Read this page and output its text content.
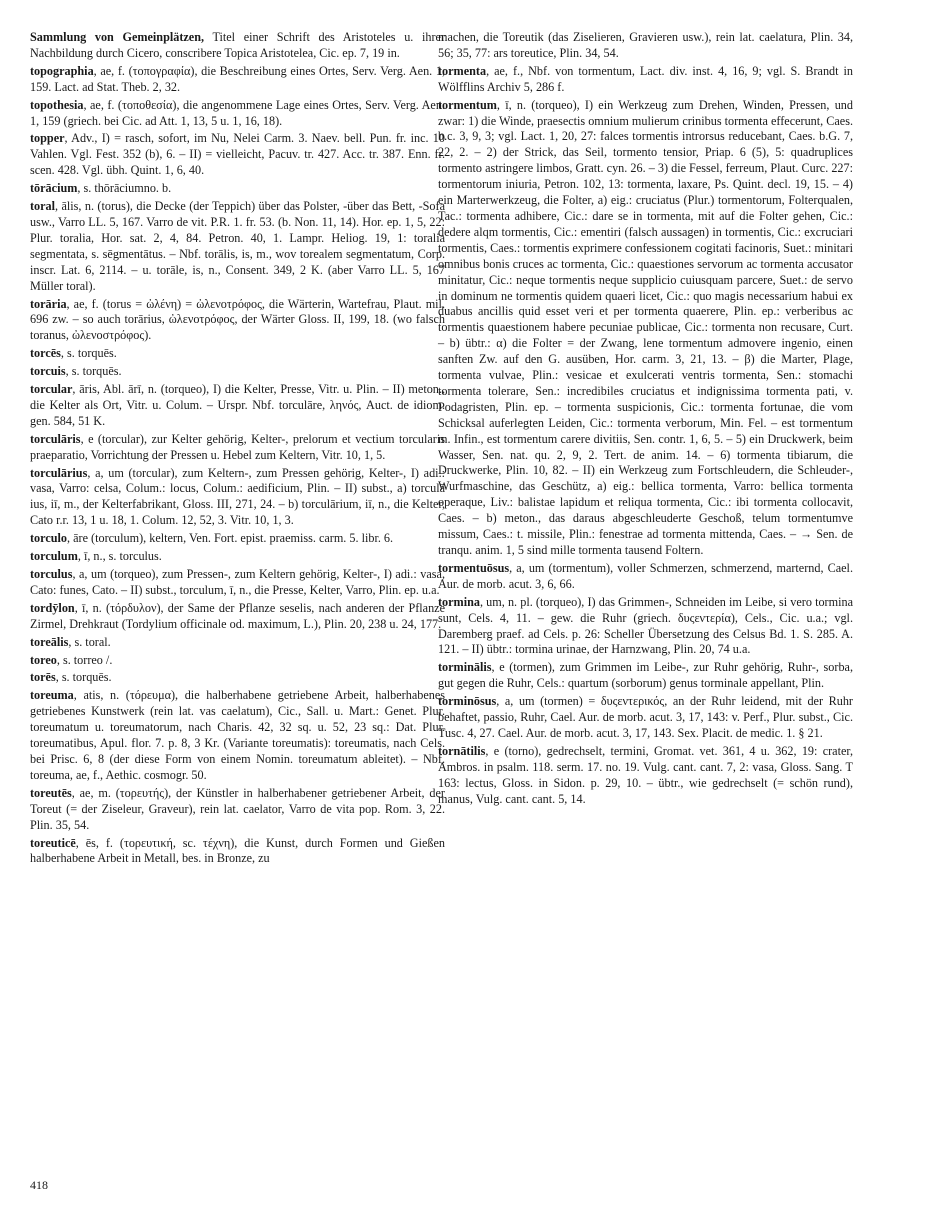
Sammlung von Gemeinplätzen, Titel einer Schrift des Aristoteles u. ihrer Nachbildung durch Cicero, conscribere Topica Aristotelea, Cic. ep. 7, 19 in.

topographia, ae, f. (τοπογραφία), die Beschreibung eines Ortes, Serv. Verg. Aen. 1, 159. Lact. ad Stat. Theb. 2, 32.

topothesia, ae, f. (τοποθεσία), die angenommene Lage eines Ortes, Serv. Verg. Aen. 1, 159 (griech. bei Cic. ad Att. 1, 13, 5 u. 1, 16, 18).

topper, Adv., I) = rasch, sofort, im Nu, Nelei Carm. 3. Naev. bell. Pun. fr. inc. 10 Vahlen. Vgl. Fest. 352 (b), 6. – II) = vielleicht, Pacuv. tr. 427. Acc. tr. 387. Enn. fr. scen. 428. Vgl. übh. Quint. 1, 6, 40.

tōrācium, s. thōrāciumno. b.

toral, ālis, n. (torus), die Decke (der Teppich) über das Polster, -über das Bett, -Sofa usw., Varro LL. 5, 167. Varro de vit. P.R. 1. fr. 53. (b. Non. 11, 14). Hor. ep. 1, 5, 22: Plur. toralia, Hor. sat. 2, 4, 84. Petron. 40, 1. Lampr. Heliog. 19, 1: toralia segmentata, s. sēgmentātus. – Nbf. torālis, is, m., wov torealem segmentatum, Corp. inscr. Lat. 6, 2114. – u. torāle, is, n., Consent. 349, 2 K. (aber Varro LL. 5, 167 Müller toral).

torāria, ae, f. (torus = ὠλένη) = ὠλενοτρόφος, die Wärterin, Wartefrau, Plaut. mil. 696 zw. – so auch torārius, ὠλενοτρόφος, der Wärter Gloss. II, 199, 18. (wo falsch toranus, ὠλενοστρόφος).

torcēs, s. torquēs.

torcuis, s. torquēs.

torcular, āris, Abl. ārī, n. (torqueo), I) die Kelter, Presse, Vitr. u. Plin. – II) meton., die Kelter als Ort, Vitr. u. Colum. – Urspr. Nbf. torculāre, ληνός, Auct. de idiom. gen. 584, 51 K.

torculāris, e (torcular), zur Kelter gehörig, Kelter-, prelorum et vectium torcularis praeparatio, Vorrichtung der Pressen u. Hebel zum Keltern, Vitr. 10, 1, 5.

torculārius, a, um (torcular), zum Keltern-, zum Pressen gehörig, Kelter-, I) adi.: vasa, Varro: celsa, Colum.: locus, Colum.: aedificium, Plin. – II) subst., a) torculā ius, iī, m., der Kelterfabrikant, Gloss. III, 271, 24. – b) torculārium, iī, n., die Kelter, Cato r.r. 13, 1 u. 18, 1. Colum. 12, 52, 3. Vitr. 10, 1, 3.

torculo, āre (torculum), keltern, Ven. Fort. epist. praemiss. carm. 5. libr. 6.

torculum, ī, n., s. torculus.

torculus, a, um (torqueo), zum Pressen-, zum Keltern gehörig, Kelter-, I) adi.: vasa, Cato: funes, Cato. – II) subst., torculum, ī, n., die Presse, Kelter, Varro, Plin. ep. u.a.

tordȳlon, ī, n. (τόρδυλον), der Same der Pflanze seselis, nach anderen der Pflanze Zirmel, Drehkraut (Tordylium officinale od. maximum, L.), Plin. 20, 238 u. 24, 177.

toreālis, s. toral.

toreo, s. torreo /.

torēs, s. torquēs.

toreuma, atis, n. (τόρευμα), die halberhabene getriebene Arbeit, halberhabenes getriebenes Kunstwerk (rein lat. vas caelatum), Cic., Sall. u. Mart.: Genet. Plur. toreumatum u. toreumatorum, nach Charis. 42, 32 sq. u. 52, 23 sq.: Dat. Plur. toreumatibus, Apul. flor. 7. p. 8, 3 Kr. (Variante toreumatis): toreumatis, nach Cels. bei Prisc. 6, 8 (der diese Form von einem Nomin. toreumatum ableitet). – Nbf. toreuma, ae, f., Aethic. cosmogr. 50.

toreutēs, ae, m. (τορευτής), der Künstler in halberhabener getriebener Arbeit, der Toreut (= der Ziseleur, Graveur), rein lat. caelator, Varro de vita pop. Rom. 3, 22. Plin. 35, 54.

toreuticē, ēs, f. (τορευτική, sc. τέχνη), die Kunst, durch Formen und Gießen halberhabene Arbeit in Metall, bes. in Bronze, zu

machen, die Toreutik (das Ziselieren, Gravieren usw.), rein lat. caelatura, Plin. 34, 56; 35, 77: ars toreutice, Plin. 34, 54.

tormenta, ae, f., Nbf. von tormentum, Lact. div. inst. 4, 16, 9; vgl. S. Brandt in Wölfflins Archiv 5, 286 f.

tormentum, ī, n. (torqueo), I) ein Werkzeug zum Drehen, Winden, Pressen, und zwar: 1) die Winde, praesectis omnium mulierum crinibus tormenta effecerunt, Caes. b.c. 3, 9, 3; vgl. Lact. 1, 20, 27: falces tormentis introrsus reducebant, Caes. b.G. 7, 22, 2. – 2) der Strick, das Seil, tormento tensior, Priap. 6 (5), 5: quadruplices tormento astringere limbos, Gratt. cyn. 26. – 3) die Fessel, ferreum, Plaut. Curc. 227: tormentorum iniuria, Petron. 102, 13: tormenta, laxare, Ps. Quint. decl. 19, 15. – 4) ein Marterwerkzeug, die Folter, a) eig.: cruciatus (Plur.) tormentorum, Folterqualen, Tac.: tormenta adhibere, Cic.: dare se in tormenta, mit auf die Folter gehen, Cic.: dedere alqm tormentis, Cic.: ementiri (falsch aussagen) in tormentis, Cic.: excruciari tormentis, Caes.: tormentis exprimere confessionem cogitati facinoris, Suet.: minitari omnibus bonis cruces ac tormenta, Cic.: quaestiones servorum ac tormenta accusator minitatur, Cic.: neque tormentis neque supplicio cuiusquam parcere, Suet.: de servo in dominum ne tormentis quidem quaeri licet, Cic.: quo magis necessarium habui ex duabus ancillis quid esset veri et per tormenta quaerere, Plin. ep.: verberibus ac tormentis quaestionem habere pecuniae publicae, Cic.: tormenta non recusare, Curt. – b) übtr.: α) die Folter = der Zwang, lene tormentum admovere ingenio, einen sanften Zw. auf den G. ausüben, Hor. carm. 3, 21, 13. – β) die Marter, Plage, tormenta vulvae, Plin.: vesicae et exulcerati ventris tormenta, Sen.: stomachi tormenta tolerare, Sen.: incredibiles cruciatus et indignissima tormenta pati, v. Podagristen, Plin. ep. – tormenta suspicionis, Cic.: tormenta fortunae, die vom Schicksal auferlegten Leiden, Cic.: tormenta verborum, Min. Fel. – est tormentum m. Infin., est tormentum carere divitiis, Sen. contr. 1, 6, 5. – 5) ein Druckwerk, beim Wasser, Sen. nat. qu. 2, 9, 2. Tert. de anim. 14. – 6) tormenta tibiarum, die Druckwerke, Plin. 10, 82. – II) ein Werkzeug zum Fortschleudern, die Schleuder-, Wurfmaschine, das Geschütz, a) eig.: bellica tormenta, Varro: bellica tormenta operaque, Liv.: balistae lapidum et reliqua tormenta, Cic.: ibi tormenta collocavit, Caes. – b) meton., das daraus abgeschleuderte Geschoß, telum tormentumve missum, Caes.: t. missile, Plin.: fenestrae ad tormenta mittenda, Caes. – → Sen. de tranqu. anim. 1, 5 sind mille tormenta tausend Foltern.

tormentuōsus, a, um (tormentum), voller Schmerzen, schmerzend, marternd, Cael. Aur. de morb. acut. 3, 6, 66.

tormina, um, n. pl. (torqueo), I) das Grimmen-, Schneiden im Leibe, si vero tormina sunt, Cels. 4, 11. – gew. die Ruhr (griech. δυςεντερία), Cels., Cic. u.a.; vgl. Daremberg praef. ad Cels. p. 26: Scheller Übersetzung des Celsus Bd. 1. S. 285. A. 121. – II) übtr.: tormina urinae, der Harnzwang, Plin. 20, 74 u.a.

torminālis, e (tormen), zum Grimmen im Leibe-, zur Ruhr gehörig, Ruhr-, sorba, gut gegen die Ruhr, Cels.: quartum (sorborum) genus torminale appellant, Plin.

torminōsus, a, um (tormen) = δυςεντερικός, an der Ruhr leidend, mit der Ruhr behaftet, passio, Ruhr, Cael. Aur. de morb. acut. 3, 17, 143: v. Perf., Plur. subst., Cic. Tusc. 4, 27. Cael. Aur. de morb. acut. 3, 17, 143. Sex. Placit. de medic. 1. § 21.

tornātilis, e (torno), gedrechselt, termini, Gromat. vet. 361, 4 u. 362, 19: crater, Ambros. in psalm. 118. serm. 17. no. 19. Vulg. cant. cant. 7, 2: vasa, Gloss. Sang. T 163: lectus, Gloss. in Sidon. p. 29, 10. – übtr., wie gedrechselt (= schön rund), manus, Vulg. cant. cant. 5, 14.

418
